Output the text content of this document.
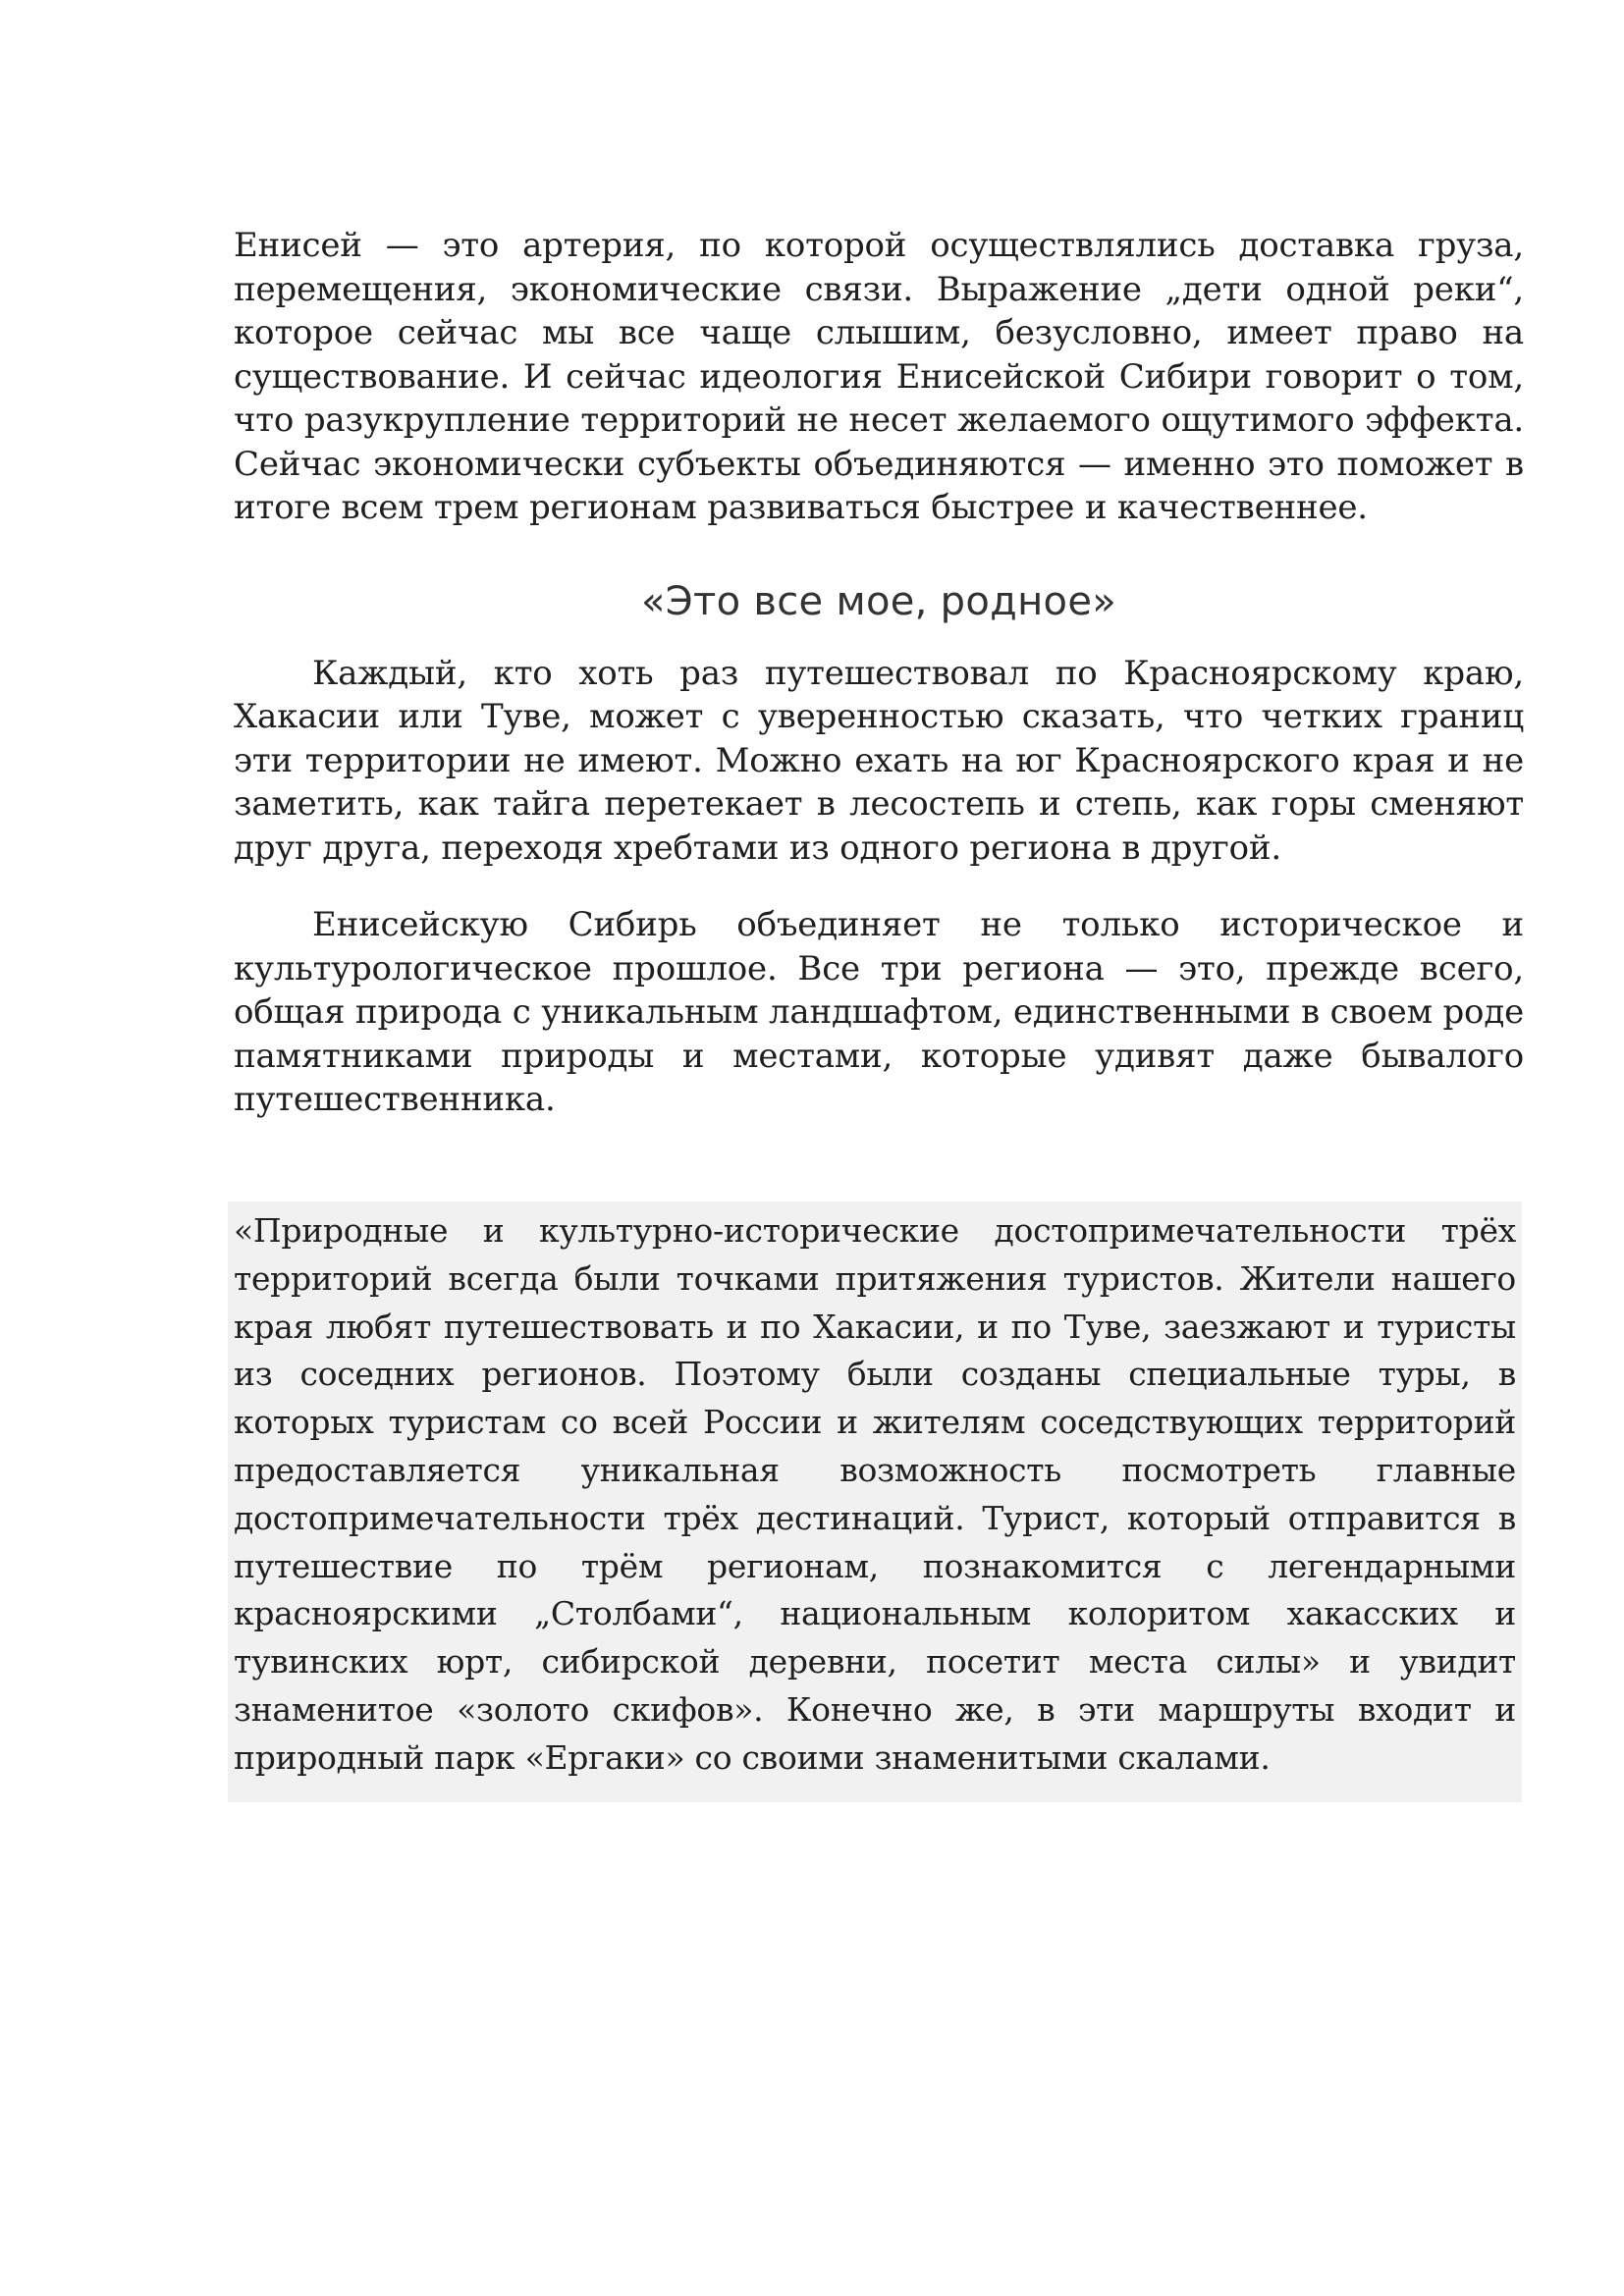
Енисей — это артерия, по которой осуществлялись доставка груза, перемещения, экономические связи. Выражение „дети одной реки“, которое сейчас мы все чаще слышим, безусловно, имеет право на существование. И сейчас идеология Енисейской Сибири говорит о том, что разукрупление территорий не несет желаемого ощутимого эффекта. Сейчас экономически субъекты объединяются — именно это поможет в итоге всем трем регионам развиваться быстрее и качественнее.

«Это все мое, родное»

Каждый, кто хоть раз путешествовал по Красноярскому краю, Хакасии или Туве, может с уверенностью сказать, что четких границ эти территории не имеют. Можно ехать на юг Красноярского края и не заметить, как тайга перетекает в лесостепь и степь, как горы сменяют друг друга, переходя хребтами из одного региона в другой.

Енисейскую Сибирь объединяет не только историческое и культурологическое прошлое. Все три региона — это, прежде всего, общая природа с уникальным ландшафтом, единственными в своем роде памятниками природы и местами, которые удивят даже бывалого путешественника.

«Природные и культурно-исторические достопримечательности трёх территорий всегда были точками притяжения туристов. Жители нашего края любят путешествовать и по Хакасии, и по Туве, заезжают и туристы из соседних регионов. Поэтому были созданы специальные туры, в которых туристам со всей России и жителям соседствующих территорий предоставляется уникальная возможность посмотреть главные достопримечательности трёх дестинаций. Турист, который отправится в путешествие по трём регионам, познакомится с легендарными красноярскими „Столбами“, национальным колоритом хакасских и тувинских юрт, сибирской деревни, посетит места силы» и увидит знаменитое «золото скифов». Конечно же, в эти маршруты входит и природный парк «Ергаки» со своими знаменитыми скалами.
